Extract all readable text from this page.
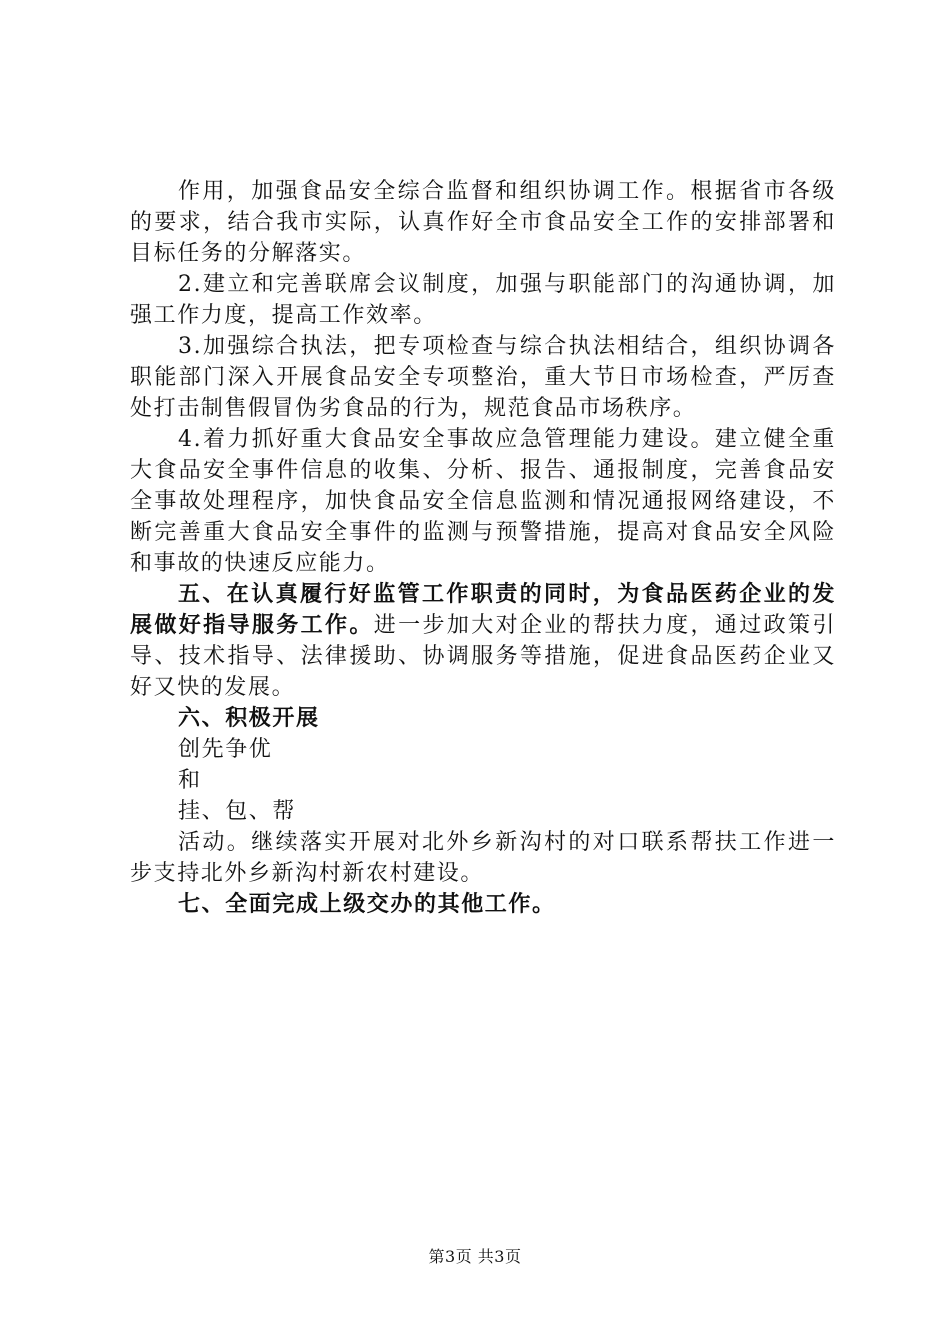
作用，加强食品安全综合监督和组织协调工作。根据省市各级的要求，结合我市实际，认真作好全市食品安全工作的安排部署和目标任务的分解落实。

2.建立和完善联席会议制度，加强与职能部门的沟通协调，加强工作力度，提高工作效率。

3.加强综合执法，把专项检查与综合执法相结合，组织协调各职能部门深入开展食品安全专项整治，重大节日市场检查，严厉查处打击制售假冒伪劣食品的行为，规范食品市场秩序。

4.着力抓好重大食品安全事故应急管理能力建设。建立健全重大食品安全事件信息的收集、分析、报告、通报制度，完善食品安全事故处理程序，加快食品安全信息监测和情况通报网络建设，不断完善重大食品安全事件的监测与预警措施，提高对食品安全风险和事故的快速反应能力。

五、在认真履行好监管工作职责的同时，为食品医药企业的发展做好指导服务工作。进一步加大对企业的帮扶力度，通过政策引导、技术指导、法律援助、协调服务等措施，促进食品医药企业又好又快的发展。

六、积极开展

创先争优

和

挂、包、帮

活动。继续落实开展对北外乡新沟村的对口联系帮扶工作进一步支持北外乡新沟村新农村建设。

七、全面完成上级交办的其他工作。

第3页 共3页
